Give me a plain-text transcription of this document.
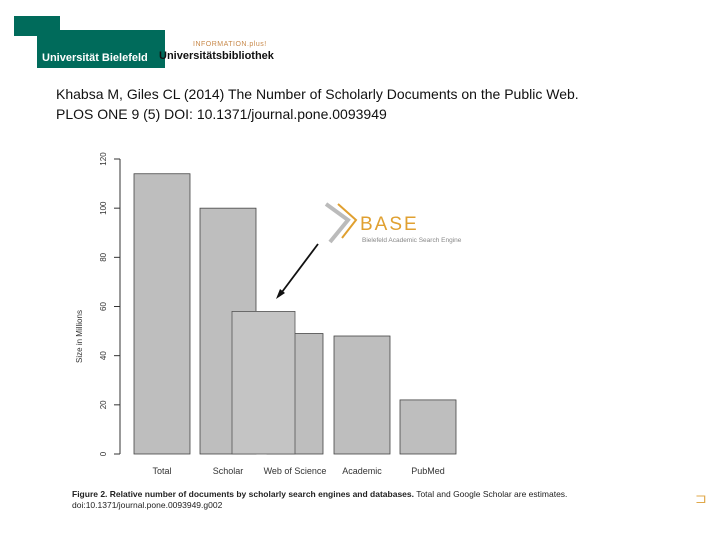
Universität Bielefeld
INFORMATION.plus!
Universitätsbibliothek
Khabsa M, Giles CL (2014) The Number of Scholarly Documents on the Public Web.
PLOS ONE 9 (5) DOI: 10.1371/journal.pone.0093949
0
20
40
60
80
100
120
Size in Millions
Total	Scholar Web of Science Academic	PubMed
BASE
Bielefeld Academic Search Engine
Figure 2. Relative number of documents by scholarly search engines and databases. Total and Google Scholar are estimates.
doi:10.1371/journal.pone.0093949.g002	⊐
